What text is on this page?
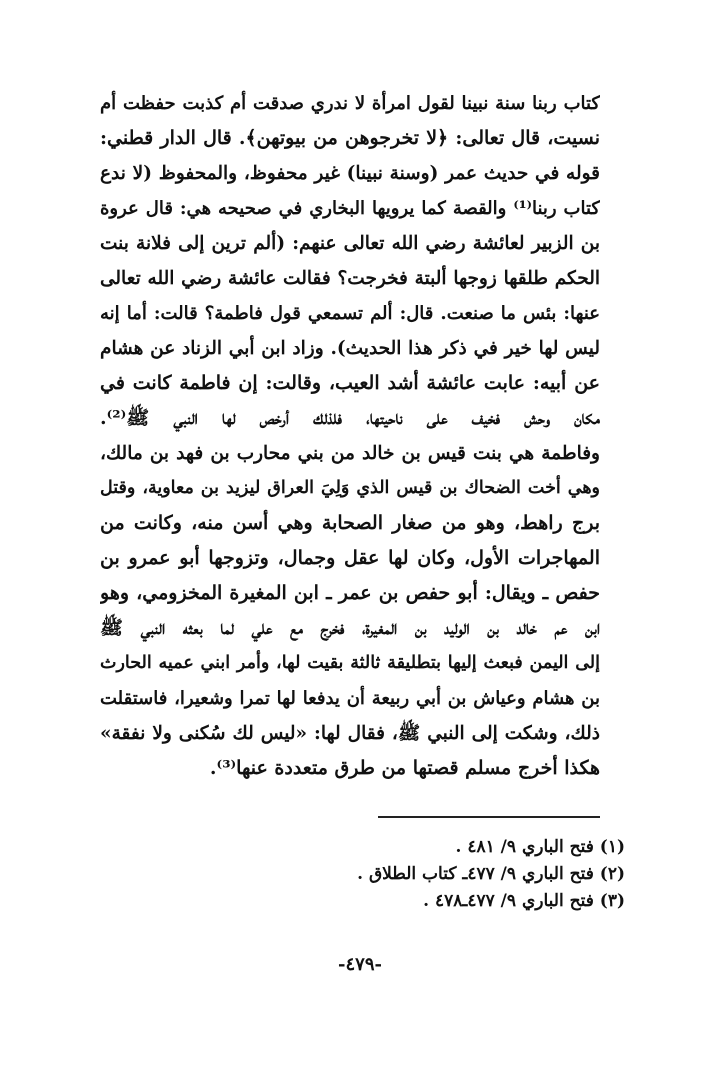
كتاب ربنا سنة نبينا لقول امرأة لا ندري صدقت أم كذبت حفظت أم
نسيت، قال تعالى: ﴿لا تخرجوهن من بيوتهن﴾. قال الدار قطني:
قوله في حديث عمر (وسنة نبينا) غير محفوظ، والمحفوظ (لا ندع
كتاب ربنا⁽¹⁾ والقصة كما يرويها البخاري في صحيحه هي: قال عروة
بن الزبير لعائشة رضي الله تعالى عنهم: (ألم ترين إلى فلانة بنت
الحكم طلقها زوجها ألبتة فخرجت؟ فقالت عائشة رضي الله تعالى
عنها: بئس ما صنعت. قال: ألم تسمعي قول فاطمة؟ قالت: أما إنه
ليس لها خير في ذكر هذا الحديث). وزاد ابن أبي الزناد عن هشام
عن أبيه: عابت عائشة أشد العيب، وقالت: إن فاطمة كانت في
مكان وحش فخيف على ناحيتها، فلذلك أرخص لها النبي ﷺ⁽²⁾.
وفاطمة هي بنت قيس بن خالد من بني محارب بن فهد بن مالك،
وهي أخت الضحاك بن قيس الذي وَلِيَ العراق ليزيد بن معاوية، وقتل
برج راهط، وهو من صغار الصحابة وهي أسن منه، وكانت من
المهاجرات الأول، وكان لها عقل وجمال، وتزوجها أبو عمرو بن
حفص ـ ويقال: أبو حفص بن عمر ـ ابن المغيرة المخزومي، وهو
ابن عم خالد بن الوليد بن المغيرة، فخرج مع علي لما بعثه النبي ﷺ
إلى اليمن فبعث إليها بتطليقة ثالثة بقيت لها، وأمر ابني عميه الحارث
بن هشام وعياش بن أبي ربيعة أن يدفعا لها تمرا وشعيرا، فاستقلت
ذلك، وشكت إلى النبي ﷺ، فقال لها: «ليس لك سُكنى ولا نفقة»
هكذا أخرج مسلم قصتها من طرق متعددة عنها⁽³⁾.
(١) فتح الباري ٩/ ٤٨١ .
(٢) فتح الباري ٩/ ٤٧٧ـ كتاب الطلاق .
(٣) فتح الباري ٩/ ٤٧٧ـ٤٧٨ .
-٤٧٩-
